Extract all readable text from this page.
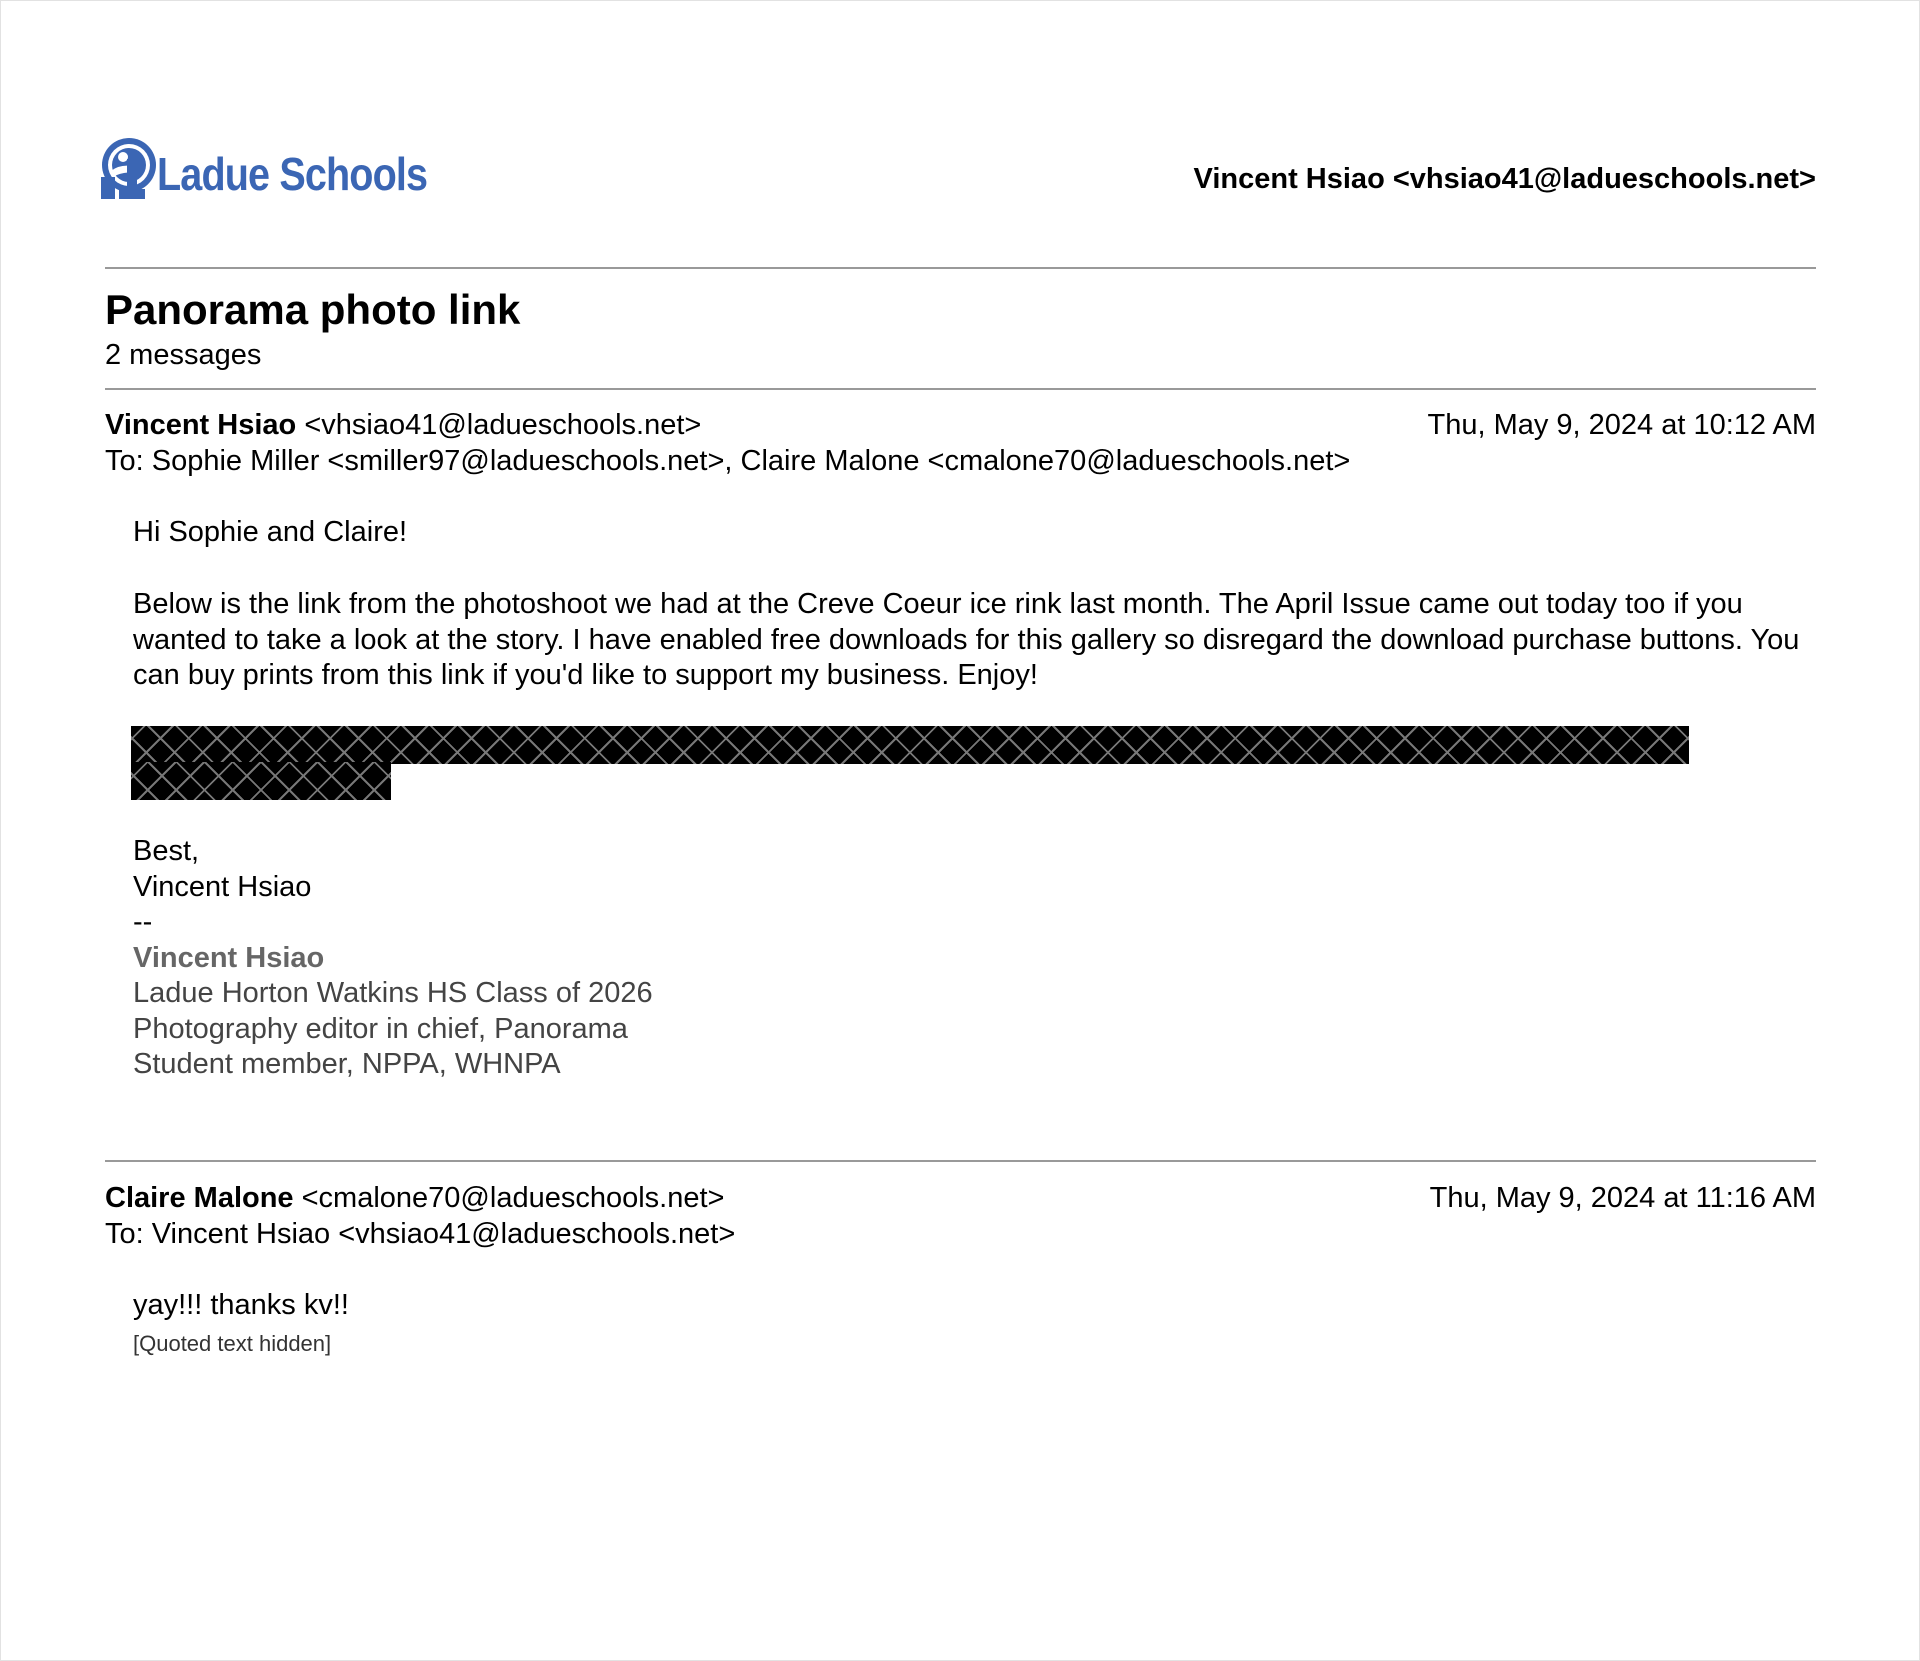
Ladue Schools	Vincent Hsiao <vhsiao41@ladueschools.net>
Panorama photo link
2 messages
Vincent Hsiao <vhsiao41@ladueschools.net>	Thu, May 9, 2024 at 10:12 AM
To: Sophie Miller <smiller97@ladueschools.net>, Claire Malone <cmalone70@ladueschools.net>

Hi Sophie and Claire!

Below is the link from the photoshoot we had at the Creve Coeur ice rink last month. The April Issue came out today too if you wanted to take a look at the story. I have enabled free downloads for this gallery so disregard the download purchase buttons. You can buy prints from this link if you'd like to support my business. Enjoy!

Best,
Vincent Hsiao
--
Vincent Hsiao
Ladue Horton Watkins HS Class of 2026
Photography editor in chief, Panorama
Student member, NPPA, WHNPA
Claire Malone <cmalone70@ladueschools.net>	Thu, May 9, 2024 at 11:16 AM
To: Vincent Hsiao <vhsiao41@ladueschools.net>

yay!!! thanks kv!!

[Quoted text hidden]
